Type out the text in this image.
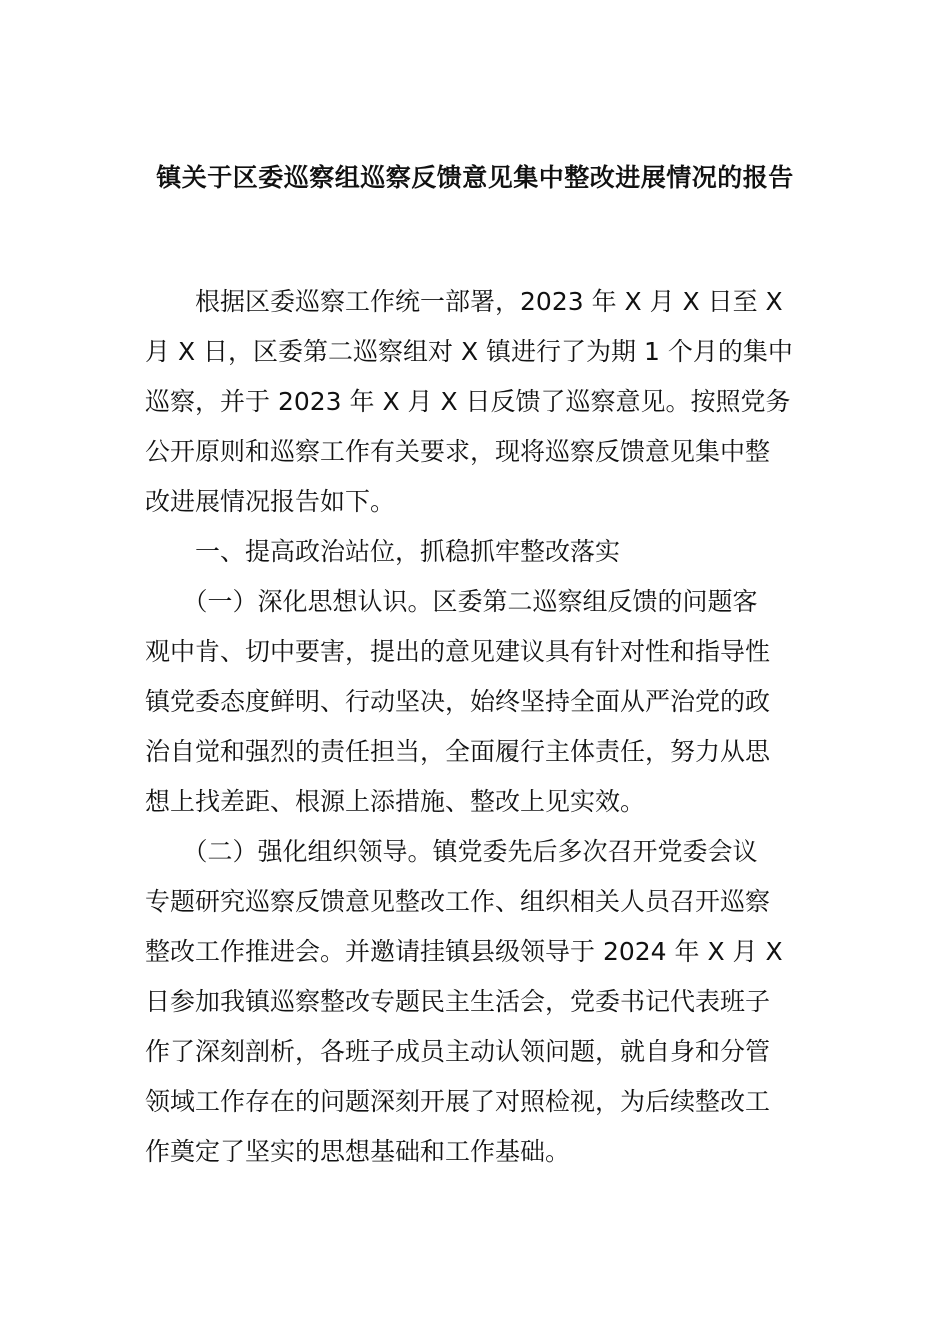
镇关于区委巡察组巡察反馈意见集中整改进展情况的报告
　　根据区委巡察工作统一部署，2023 年 X 月 X 日至 X
月 X 日，区委第二巡察组对 X 镇进行了为期 1 个月的集中
巡察，并于 2023 年 X 月 X 日反馈了巡察意见。按照党务
公开原则和巡察工作有关要求，现将巡察反馈意见集中整
改进展情况报告如下。
　　一、提高政治站位，抓稳抓牢整改落实
　　（一）深化思想认识。区委第二巡察组反馈的问题客
观中肯、切中要害，提出的意见建议具有针对性和指导性
镇党委态度鲜明、行动坚决，始终坚持全面从严治党的政
治自觉和强烈的责任担当，全面履行主体责任，努力从思
想上找差距、根源上添措施、整改上见实效。
　　（二）强化组织领导。镇党委先后多次召开党委会议
专题研究巡察反馈意见整改工作、组织相关人员召开巡察
整改工作推进会。并邀请挂镇县级领导于 2024 年 X 月 X
日参加我镇巡察整改专题民主生活会，党委书记代表班子
作了深刻剖析，各班子成员主动认领问题，就自身和分管
领域工作存在的问题深刻开展了对照检视，为后续整改工
作奠定了坚实的思想基础和工作基础。
